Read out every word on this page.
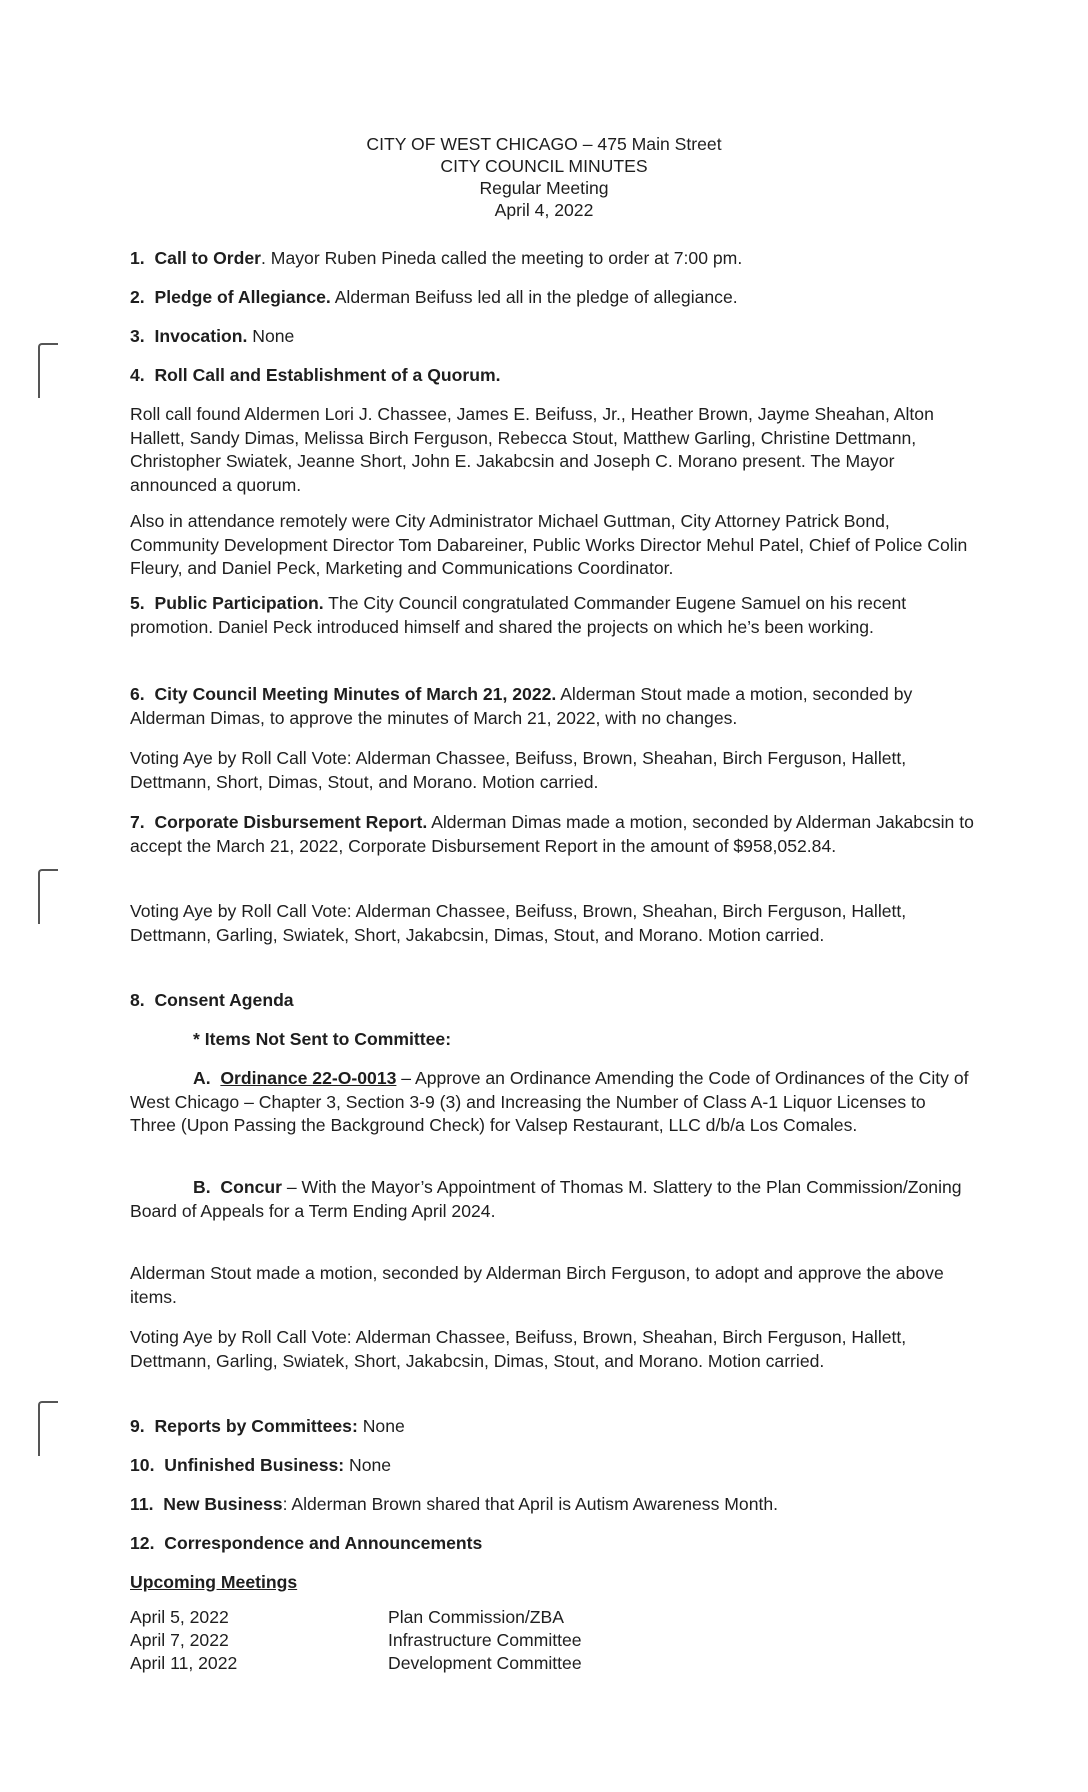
CITY OF WEST CHICAGO – 475 Main Street
CITY COUNCIL MINUTES
Regular Meeting
April 4, 2022

1. Call to Order. Mayor Ruben Pineda called the meeting to order at 7:00 pm.

2. Pledge of Allegiance. Alderman Beifuss led all in the pledge of allegiance.

3. Invocation. None

4. Roll Call and Establishment of a Quorum.

Roll call found Aldermen Lori J. Chassee, James E. Beifuss, Jr., Heather Brown, Jayme Sheahan, Alton Hallett, Sandy Dimas, Melissa Birch Ferguson, Rebecca Stout, Matthew Garling, Christine Dettmann, Christopher Swiatek, Jeanne Short, John E. Jakabcsin and Joseph C. Morano present. The Mayor announced a quorum.

Also in attendance remotely were City Administrator Michael Guttman, City Attorney Patrick Bond, Community Development Director Tom Dabareiner, Public Works Director Mehul Patel, Chief of Police Colin Fleury, and Daniel Peck, Marketing and Communications Coordinator.

5. Public Participation. The City Council congratulated Commander Eugene Samuel on his recent promotion. Daniel Peck introduced himself and shared the projects on which he’s been working.

6. City Council Meeting Minutes of March 21, 2022. Alderman Stout made a motion, seconded by Alderman Dimas, to approve the minutes of March 21, 2022, with no changes.

Voting Aye by Roll Call Vote: Alderman Chassee, Beifuss, Brown, Sheahan, Birch Ferguson, Hallett, Dettmann, Short, Dimas, Stout, and Morano. Motion carried.

7. Corporate Disbursement Report. Alderman Dimas made a motion, seconded by Alderman Jakabcsin to accept the March 21, 2022, Corporate Disbursement Report in the amount of $958,052.84.

Voting Aye by Roll Call Vote: Alderman Chassee, Beifuss, Brown, Sheahan, Birch Ferguson, Hallett, Dettmann, Garling, Swiatek, Short, Jakabcsin, Dimas, Stout, and Morano. Motion carried.

8. Consent Agenda

* Items Not Sent to Committee:

A. Ordinance 22-O-0013 – Approve an Ordinance Amending the Code of Ordinances of the City of West Chicago – Chapter 3, Section 3-9 (3) and Increasing the Number of Class A-1 Liquor Licenses to Three (Upon Passing the Background Check) for Valsep Restaurant, LLC d/b/a Los Comales.

B. Concur – With the Mayor’s Appointment of Thomas M. Slattery to the Plan Commission/Zoning Board of Appeals for a Term Ending April 2024.

Alderman Stout made a motion, seconded by Alderman Birch Ferguson, to adopt and approve the above items.

Voting Aye by Roll Call Vote: Alderman Chassee, Beifuss, Brown, Sheahan, Birch Ferguson, Hallett, Dettmann, Garling, Swiatek, Short, Jakabcsin, Dimas, Stout, and Morano. Motion carried.

9. Reports by Committees: None

10. Unfinished Business: None

11. New Business: Alderman Brown shared that April is Autism Awareness Month.

12. Correspondence and Announcements

Upcoming Meetings

April 5, 2022	Plan Commission/ZBA
April 7, 2022	Infrastructure Committee
April 11, 2022	Development Committee
